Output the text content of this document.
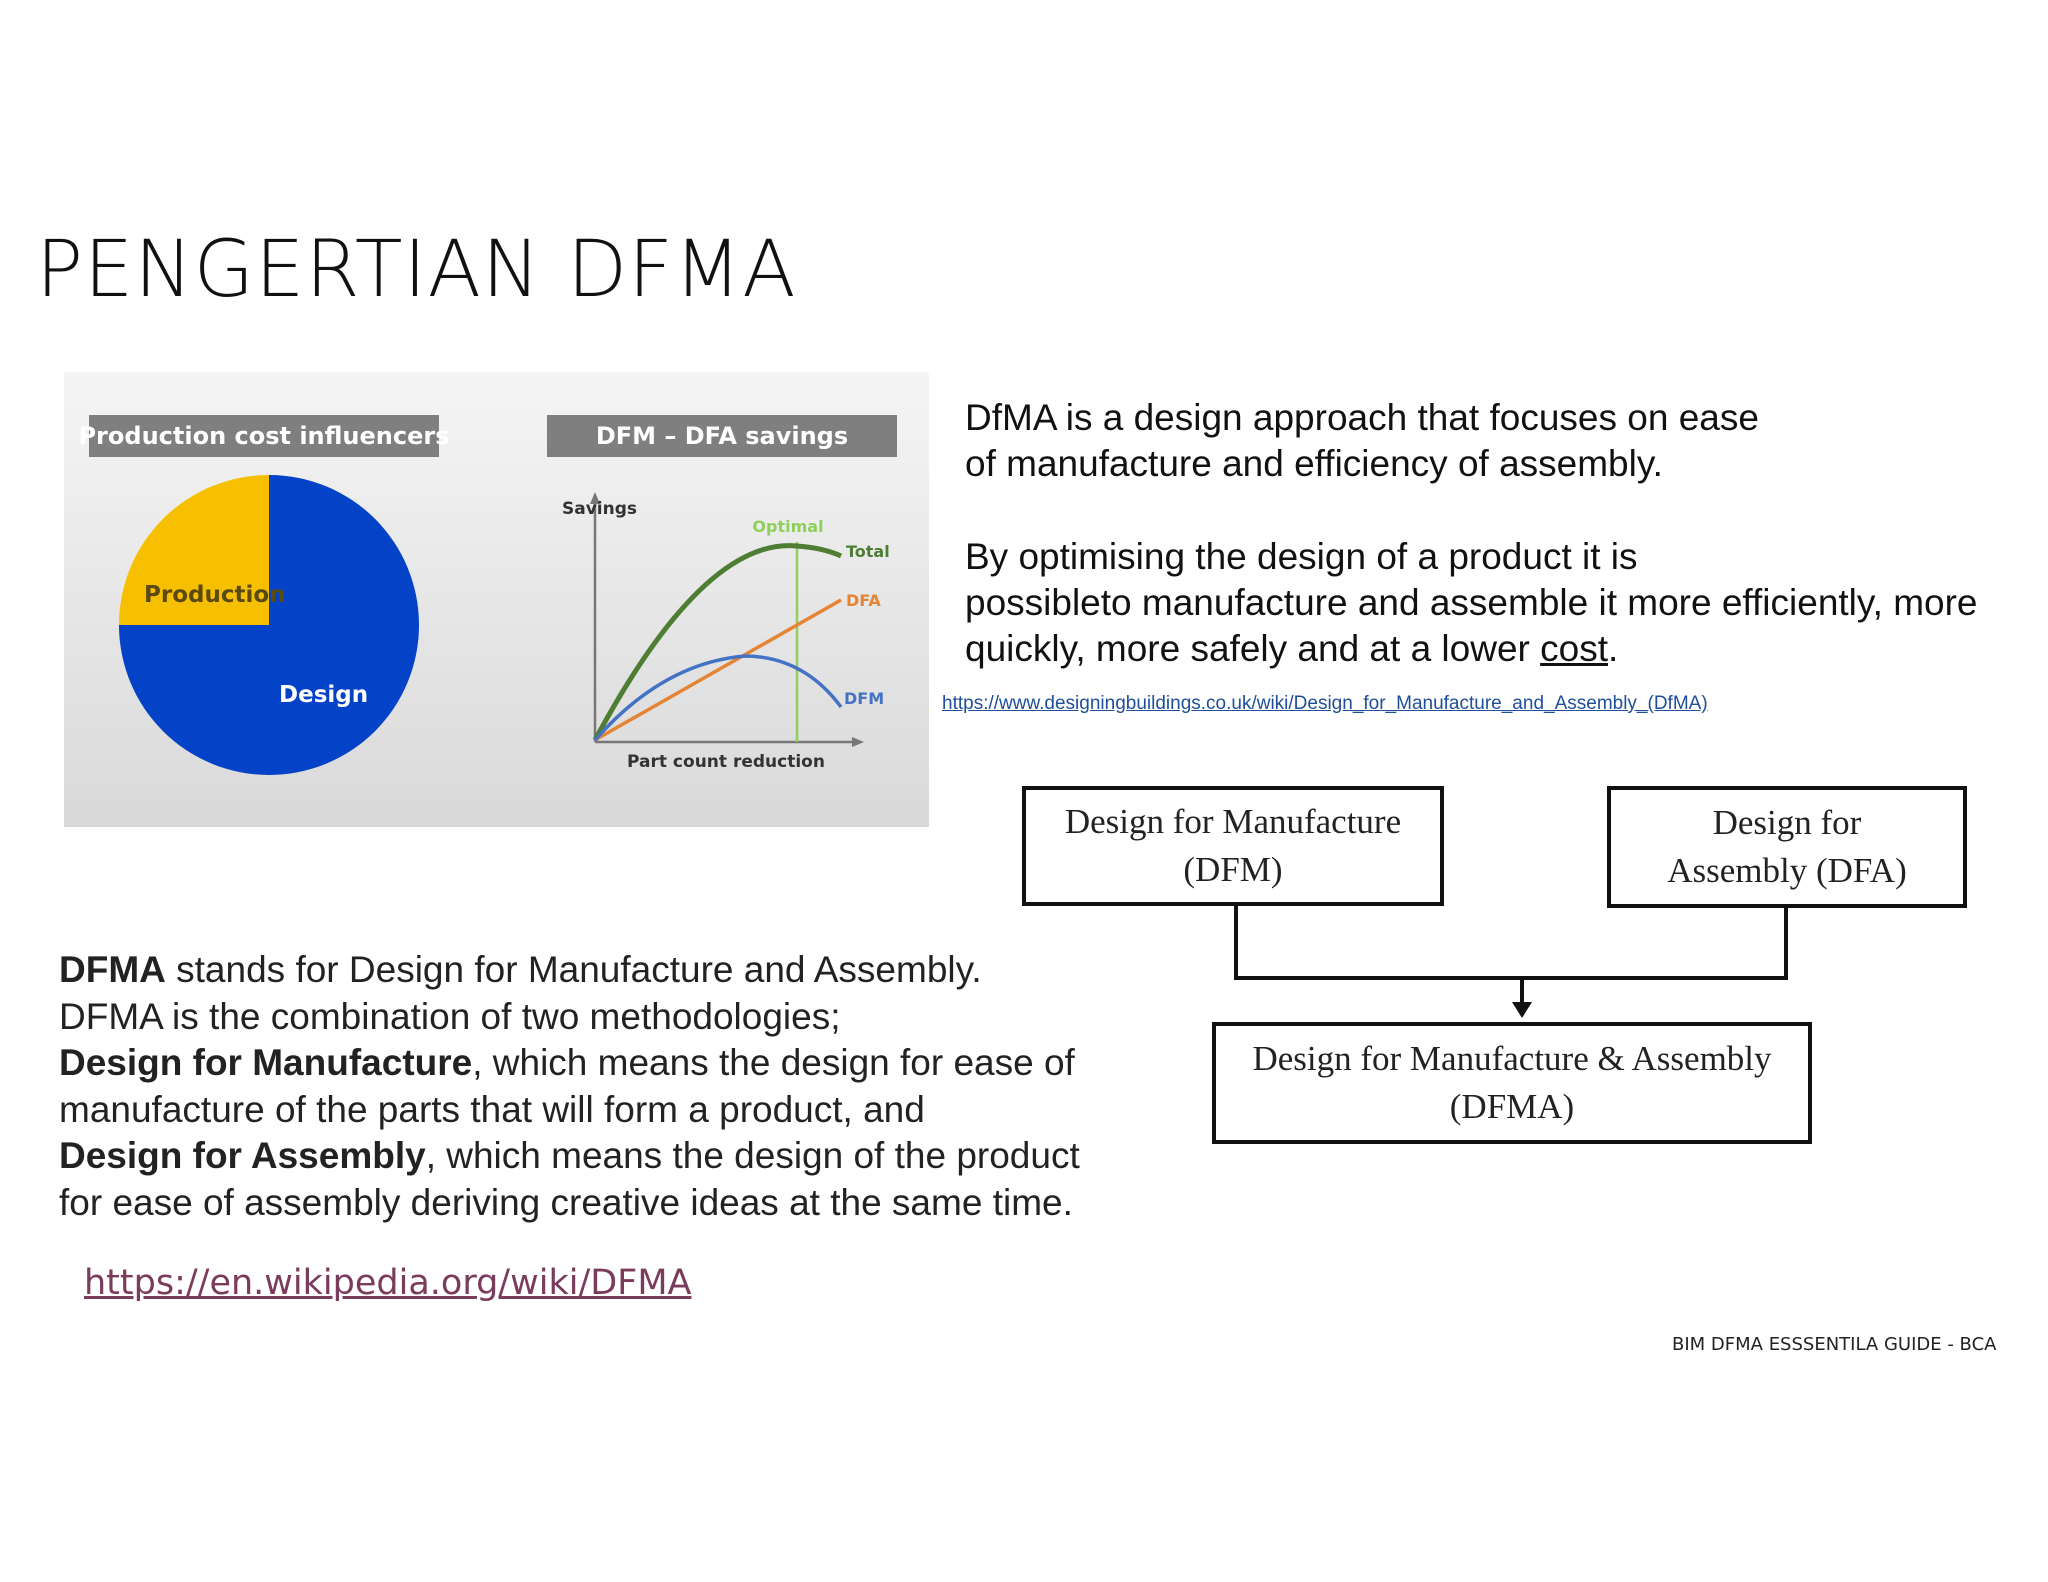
PENGERTIAN DFMA
Production cost influencers	DFM – DFA savings
Production
Design
Savings
Part count reduction
Optimal
Total
DFA
DFM
DfMA is a design approach that focuses on ease
of manufacture and efficiency of assembly.
By optimising the design of a product it is
possibleto manufacture and assemble it more efficiently, more
quickly, more safely and at a lower cost.
https://www.designingbuildings.co.uk/wiki/Design_for_Manufacture_and_Assembly_(DfMA)
Design for Manufacture
(DFM)
Design for
Assembly (DFA)
Design for Manufacture & Assembly
(DFMA)
DFMA stands for Design for Manufacture and Assembly.
DFMA is the combination of two methodologies;
Design for Manufacture, which means the design for ease of
manufacture of the parts that will form a product, and
Design for Assembly, which means the design of the product
for ease of assembly deriving creative ideas at the same time.
https://en.wikipedia.org/wiki/DFMA
BIM DFMA ESSSENTILA GUIDE - BCA
